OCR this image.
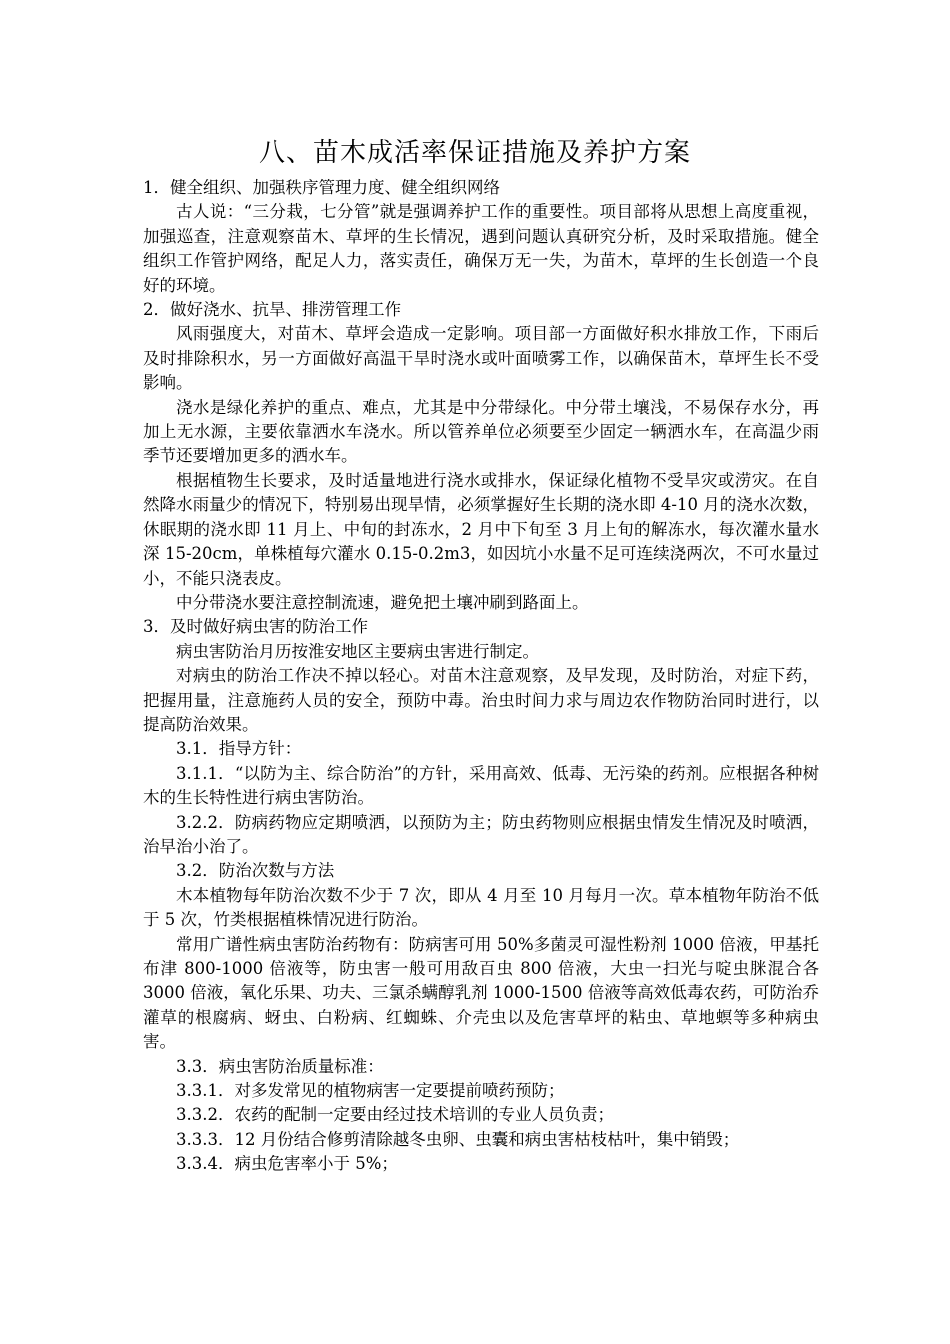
八、苗木成活率保证措施及养护方案

1．健全组织、加强秩序管理力度、健全组织网络

古人说：“三分栽，七分管”就是强调养护工作的重要性。项目部将从思想上高度重视，加强巡查，注意观察苗木、草坪的生长情况，遇到问题认真研究分析，及时采取措施。健全组织工作管护网络，配足人力，落实责任，确保万无一失，为苗木，草坪的生长创造一个良好的环境。

2．做好浇水、抗旱、排涝管理工作

风雨强度大，对苗木、草坪会造成一定影响。项目部一方面做好积水排放工作，下雨后及时排除积水，另一方面做好高温干旱时浇水或叶面喷雾工作，以确保苗木，草坪生长不受影响。

浇水是绿化养护的重点、难点，尤其是中分带绿化。中分带土壤浅，不易保存水分，再加上无水源，主要依靠洒水车浇水。所以管养单位必须要至少固定一辆洒水车，在高温少雨季节还要增加更多的洒水车。

根据植物生长要求，及时适量地进行浇水或排水，保证绿化植物不受旱灾或涝灾。在自然降水雨量少的情况下，特别易出现旱情，必须掌握好生长期的浇水即 4-10 月的浇水次数，休眠期的浇水即 11 月上、中旬的封冻水，2 月中下旬至 3 月上旬的解冻水，每次灌水量水深 15-20cm，单株植每穴灌水 0.15-0.2m3，如因坑小水量不足可连续浇两次，不可水量过小，不能只浇表皮。

中分带浇水要注意控制流速，避免把土壤冲刷到路面上。

3．及时做好病虫害的防治工作

病虫害防治月历按淮安地区主要病虫害进行制定。

对病虫的防治工作决不掉以轻心。对苗木注意观察，及早发现，及时防治，对症下药，把握用量，注意施药人员的安全，预防中毒。治虫时间力求与周边农作物防治同时进行，以提高防治效果。

3.1．指导方针：

3.1.1．“以防为主、综合防治”的方针，采用高效、低毒、无污染的药剂。应根据各种树木的生长特性进行病虫害防治。

3.2.2．防病药物应定期喷洒，以预防为主；防虫药物则应根据虫情发生情况及时喷洒，治早治小治了。

3.2．防治次数与方法

木本植物每年防治次数不少于 7 次，即从 4 月至 10 月每月一次。草本植物年防治不低于 5 次，竹类根据植株情况进行防治。

常用广谱性病虫害防治药物有：防病害可用 50%多菌灵可湿性粉剂 1000 倍液，甲基托布津 800-1000 倍液等，防虫害一般可用敌百虫 800 倍液，大虫一扫光与啶虫脒混合各 3000 倍液，氧化乐果、功夫、三氯杀螨醇乳剂 1000-1500 倍液等高效低毒农药，可防治乔灌草的根腐病、蚜虫、白粉病、红蜘蛛、介壳虫以及危害草坪的粘虫、草地螟等多种病虫害。

3.3．病虫害防治质量标准：

3.3.1．对多发常见的植物病害一定要提前喷药预防；

3.3.2．农药的配制一定要由经过技术培训的专业人员负责；

3.3.3．12 月份结合修剪清除越冬虫卵、虫囊和病虫害枯枝枯叶，集中销毁；

3.3.4．病虫危害率小于 5%；
